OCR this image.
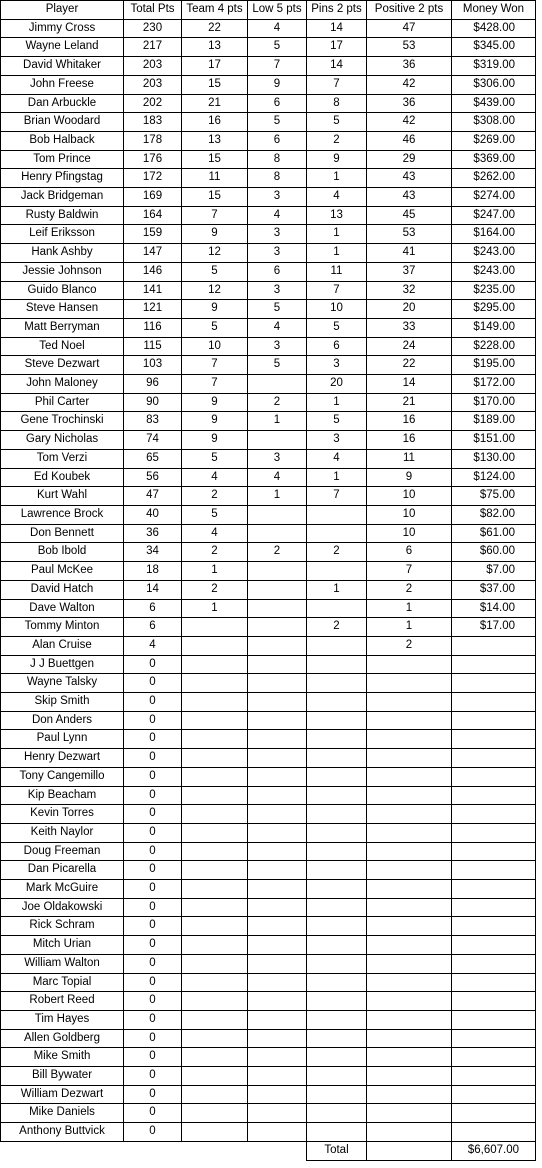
Player	Total Pts	Team 4 pts	Low 5 pts	Pins 2 pts	Positive 2 pts	Money Won
Jimmy Cross	230	22	4	14	47	$428.00
Wayne Leland	217	13	5	17	53	$345.00
David Whitaker	203	17	7	14	36	$319.00
John Freese	203	15	9	7	42	$306.00
Dan Arbuckle	202	21	6	8	36	$439.00
Brian Woodard	183	16	5	5	42	$308.00
Bob Halback	178	13	6	2	46	$269.00
Tom Prince	176	15	8	9	29	$369.00
Henry Pfingstag	172	11	8	1	43	$262.00
Jack Bridgeman	169	15	3	4	43	$274.00
Rusty Baldwin	164	7	4	13	45	$247.00
Leif Eriksson	159	9	3	1	53	$164.00
Hank Ashby	147	12	3	1	41	$243.00
Jessie Johnson	146	5	6	11	37	$243.00
Guido Blanco	141	12	3	7	32	$235.00
Steve Hansen	121	9	5	10	20	$295.00
Matt Berryman	116	5	4	5	33	$149.00
Ted Noel	115	10	3	6	24	$228.00
Steve Dezwart	103	7	5	3	22	$195.00
John Maloney	96	7		20	14	$172.00
Phil Carter	90	9	2	1	21	$170.00
Gene Trochinski	83	9	1	5	16	$189.00
Gary Nicholas	74	9		3	16	$151.00
Tom Verzi	65	5	3	4	11	$130.00
Ed Koubek	56	4	4	1	9	$124.00
Kurt Wahl	47	2	1	7	10	$75.00
Lawrence Brock	40	5			10	$82.00
Don Bennett	36	4			10	$61.00
Bob Ibold	34	2	2	2	6	$60.00
Paul McKee	18	1			7	$7.00
David Hatch	14	2		1	2	$37.00
Dave Walton	6	1			1	$14.00
Tommy Minton	6			2	1	$17.00
Alan Cruise	4				2	
J J Buettgen	0					
Wayne Talsky	0					
Skip Smith	0					
Don Anders	0					
Paul Lynn	0					
Henry Dezwart	0					
Tony Cangemillo	0					
Kip Beacham	0					
Kevin Torres	0					
Keith Naylor	0					
Doug Freeman	0					
Dan Picarella	0					
Mark McGuire	0					
Joe Oldakowski	0					
Rick Schram	0					
Mitch Urian	0					
William Walton	0					
Marc Topial	0					
Robert Reed	0					
Tim Hayes	0					
Allen Goldberg	0					
Mike Smith	0					
Bill Bywater	0					
William Dezwart	0					
Mike Daniels	0					
Anthony Buttvick	0					
				Total		$6,607.00
